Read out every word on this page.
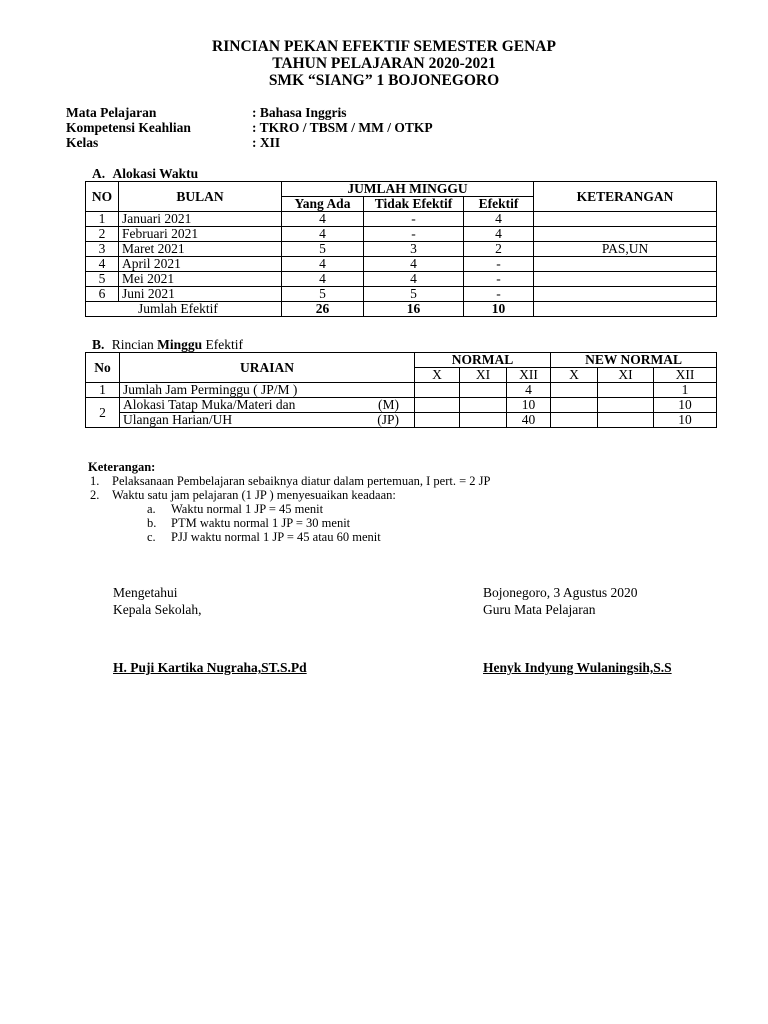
RINCIAN PEKAN EFEKTIF SEMESTER GENAP
TAHUN PELAJARAN 2020-2021
SMK “SIANG” 1 BOJONEGORO
Mata Pelajaran	: Bahasa Inggris
Kompetensi Keahlian	: TKRO / TBSM / MM / OTKP
Kelas	: XII
A. Alokasi Waktu
NO	BULAN	JUMLAH MINGGU			KETERANGAN
		Yang Ada	Tidak Efektif	Efektif	
1	Januari 2021	4	-	4	
2	Februari 2021	4	-	4	
3	Maret 2021	5	3	2	PAS,UN
4	April 2021	4	4	-	
5	Mei 2021	4	4	-	
6	Juni 2021	5	5	-	
Jumlah Efektif		26	16	10	
B. Rincian Minggu Efektif
No	URAIAN	NORMAL			NEW NORMAL		
		X	XI	XII	X	XI	XII
1	Jumlah Jam Perminggu ( JP/M )			4			1
2	Alokasi Tatap Muka/Materi dan (M)			10			10
	Ulangan Harian/UH (JP)			40			10
Keterangan:
1. Pelaksanaan Pembelajaran sebaiknya diatur dalam pertemuan, I pert. = 2 JP
2. Waktu satu jam pelajaran (1 JP ) menyesuaikan keadaan:
a. Waktu normal 1 JP = 45 menit
b. PTM waktu normal 1 JP = 30 menit
c. PJJ waktu normal 1 JP = 45 atau 60 menit
Mengetahui
Kepala Sekolah,
Bojonegoro, 3 Agustus 2020
Guru Mata Pelajaran
H. Puji Kartika Nugraha,ST.S.Pd	Henyk Indyung Wulaningsih,S.S
